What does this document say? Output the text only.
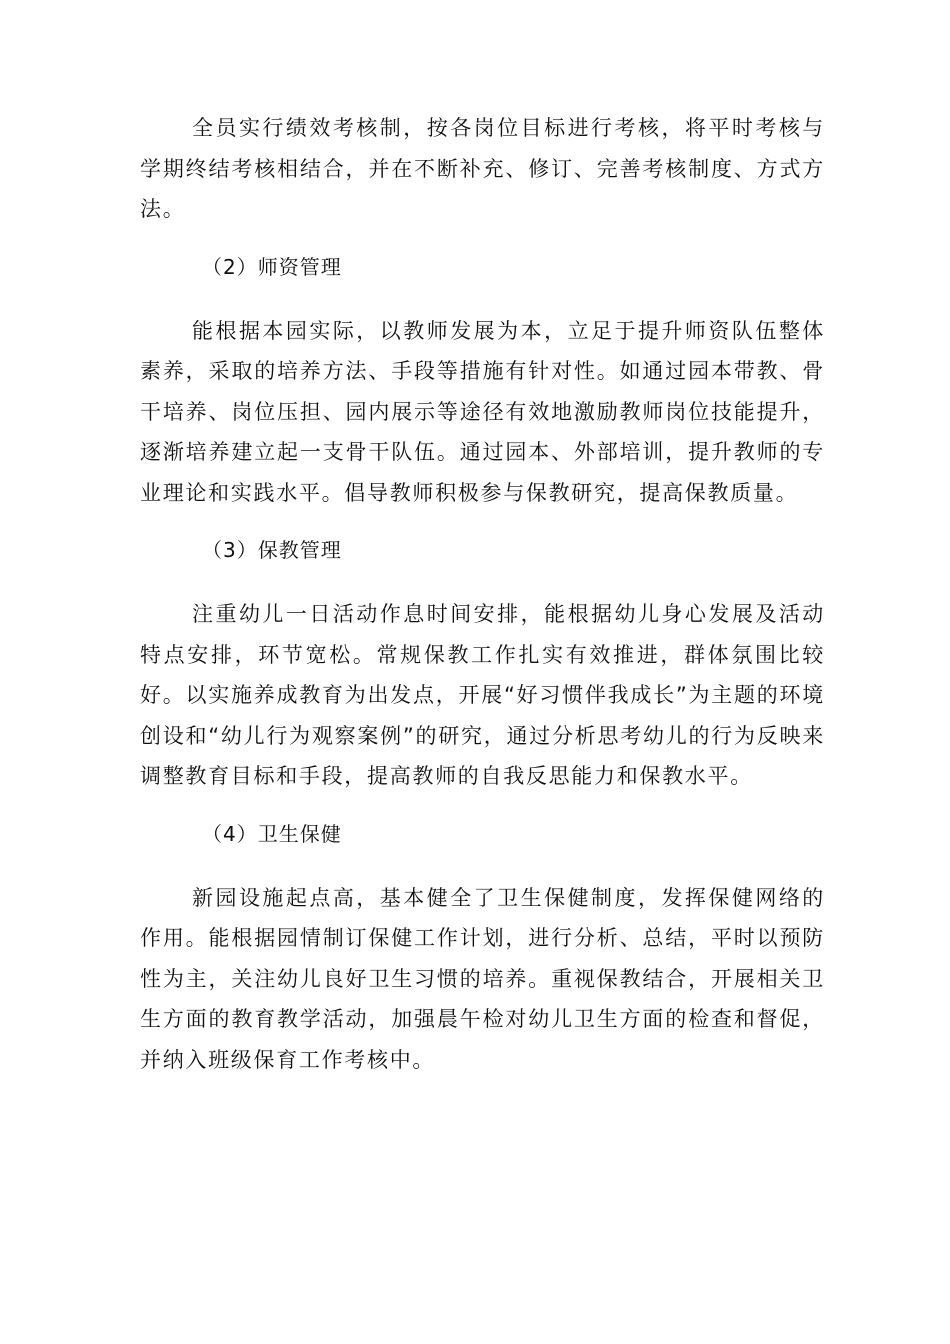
全员实行绩效考核制，按各岗位目标进行考核，将平时考核与学期终结考核相结合，并在不断补充、修订、完善考核制度、方式方法。

（2）师资管理

能根据本园实际，以教师发展为本，立足于提升师资队伍整体素养，采取的培养方法、手段等措施有针对性。如通过园本带教、骨干培养、岗位压担、园内展示等途径有效地激励教师岗位技能提升，逐渐培养建立起一支骨干队伍。通过园本、外部培训，提升教师的专业理论和实践水平。倡导教师积极参与保教研究，提高保教质量。

（3）保教管理

注重幼儿一日活动作息时间安排，能根据幼儿身心发展及活动特点安排，环节宽松。常规保教工作扎实有效推进，群体氛围比较好。以实施养成教育为出发点，开展“好习惯伴我成长”为主题的环境创设和“幼儿行为观察案例”的研究，通过分析思考幼儿的行为反映来调整教育目标和手段，提高教师的自我反思能力和保教水平。

（4）卫生保健

新园设施起点高，基本健全了卫生保健制度，发挥保健网络的作用。能根据园情制订保健工作计划，进行分析、总结，平时以预防性为主，关注幼儿良好卫生习惯的培养。重视保教结合，开展相关卫生方面的教育教学活动，加强晨午检对幼儿卫生方面的检查和督促，并纳入班级保育工作考核中。
